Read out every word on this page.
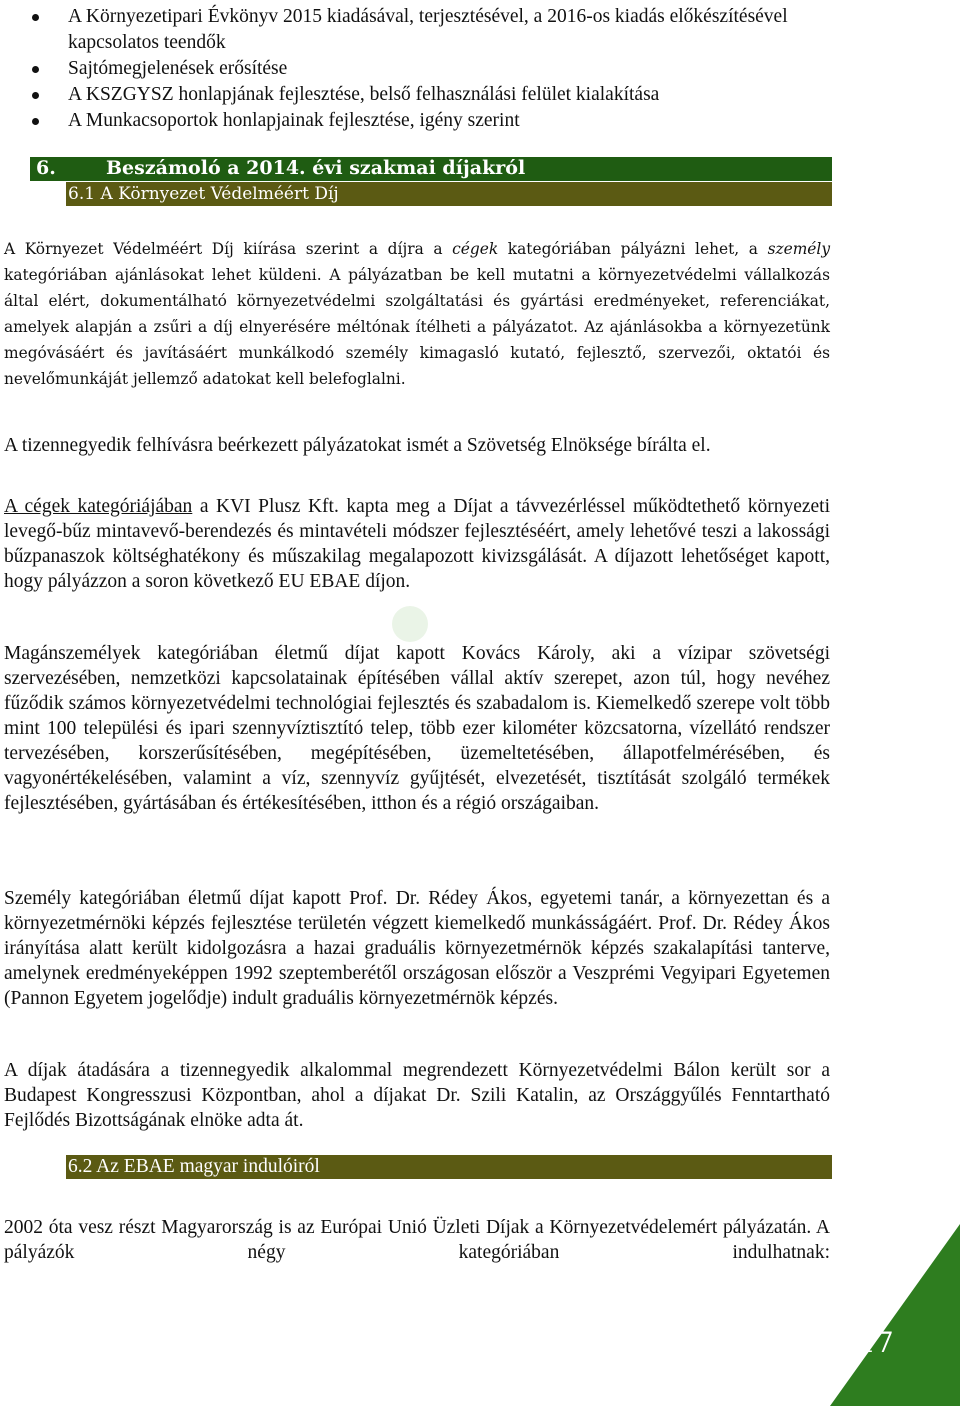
A Környezetipari Évkönyv 2015 kiadásával, terjesztésével, a 2016-os kiadás előkészítésével kapcsolatos teendők
Sajtómegjelenések erősítése
A KSZGYSZ honlapjának fejlesztése, belső felhasználási felület kialakítása
A Munkacsoportok honlapjainak fejlesztése, igény szerint
6.	Beszámoló a 2014. évi szakmai díjakról
6.1 A Környezet Védelméért Díj

A Környezet Védelméért Díj kiírása szerint a díjra a cégek kategóriában pályázni lehet, a személy kategóriában ajánlásokat lehet küldeni. A pályázatban be kell mutatni a környezetvédelmi vállalkozás által elért, dokumentálható környezetvédelmi szolgáltatási és gyártási eredményeket, referenciákat, amelyek alapján a zsűri a díj elnyerésére méltónak ítélheti a pályázatot. Az ajánlásokba a környezetünk megóvásáért és javításáért munkálkodó személy kimagasló kutató, fejlesztő, szervezői, oktatói és nevelőmunkáját jellemző adatokat kell belefoglalni.

A tizennegyedik felhívásra beérkezett pályázatokat ismét a Szövetség Elnöksége bírálta el.

A cégek kategóriájában a KVI Plusz Kft. kapta meg a Díjat a távvezérléssel működtethető környezeti levegő-bűz mintavevő-berendezés és mintavételi módszer fejlesztéséért, amely lehetővé teszi a lakossági bűzpanaszok költséghatékony és műszakilag megalapozott kivizsgálását. A díjazott lehetőséget kapott, hogy pályázzon a soron következő EU EBAE díjon.

Magánszemélyek kategóriában életmű díjat kapott Kovács Károly, aki a vízipar szövetségi szervezésében, nemzetközi kapcsolatainak építésében vállal aktív szerepet, azon túl, hogy nevéhez fűződik számos környezetvédelmi technológiai fejlesztés és szabadalom is. Kiemelkedő szerepe volt több mint 100 települési és ipari szennyvíztisztító telep, több ezer kilométer közcsatorna, vízellátó rendszer tervezésében, korszerűsítésében, megépítésében, üzemeltetésében, állapotfelmérésében, és vagyonértékelésében, valamint a víz, szennyvíz gyűjtését, elvezetését, tisztítását szolgáló termékek fejlesztésében, gyártásában és értékesítésében, itthon és a régió országaiban.

Személy kategóriában életmű díjat kapott Prof. Dr. Rédey Ákos, egyetemi tanár, a környezettan és a környezetmérnöki képzés fejlesztése területén végzett kiemelkedő munkásságáért. Prof. Dr. Rédey Ákos irányítása alatt került kidolgozásra a hazai graduális környezetmérnök képzés szakalapítási tanterve, amelynek eredményeképpen 1992 szeptemberétől országosan először a Veszprémi Vegyipari Egyetemen (Pannon Egyetem jogelődje) indult graduális környezetmérnök képzés.

A díjak átadására a tizennegyedik alkalommal megrendezett Környezetvédelmi Bálon került sor a Budapest Kongresszusi Központban, ahol a díjakat Dr. Szili Katalin, az Országgyűlés Fenntartható Fejlődés Bizottságának elnöke adta át.

6.2 Az EBAE magyar indulóiról

2002 óta vesz részt Magyarország is az Európai Unió Üzleti Díjak a Környezetvédelemért pályázatán. A pályázók négy kategóriában indulhatnak:

17
